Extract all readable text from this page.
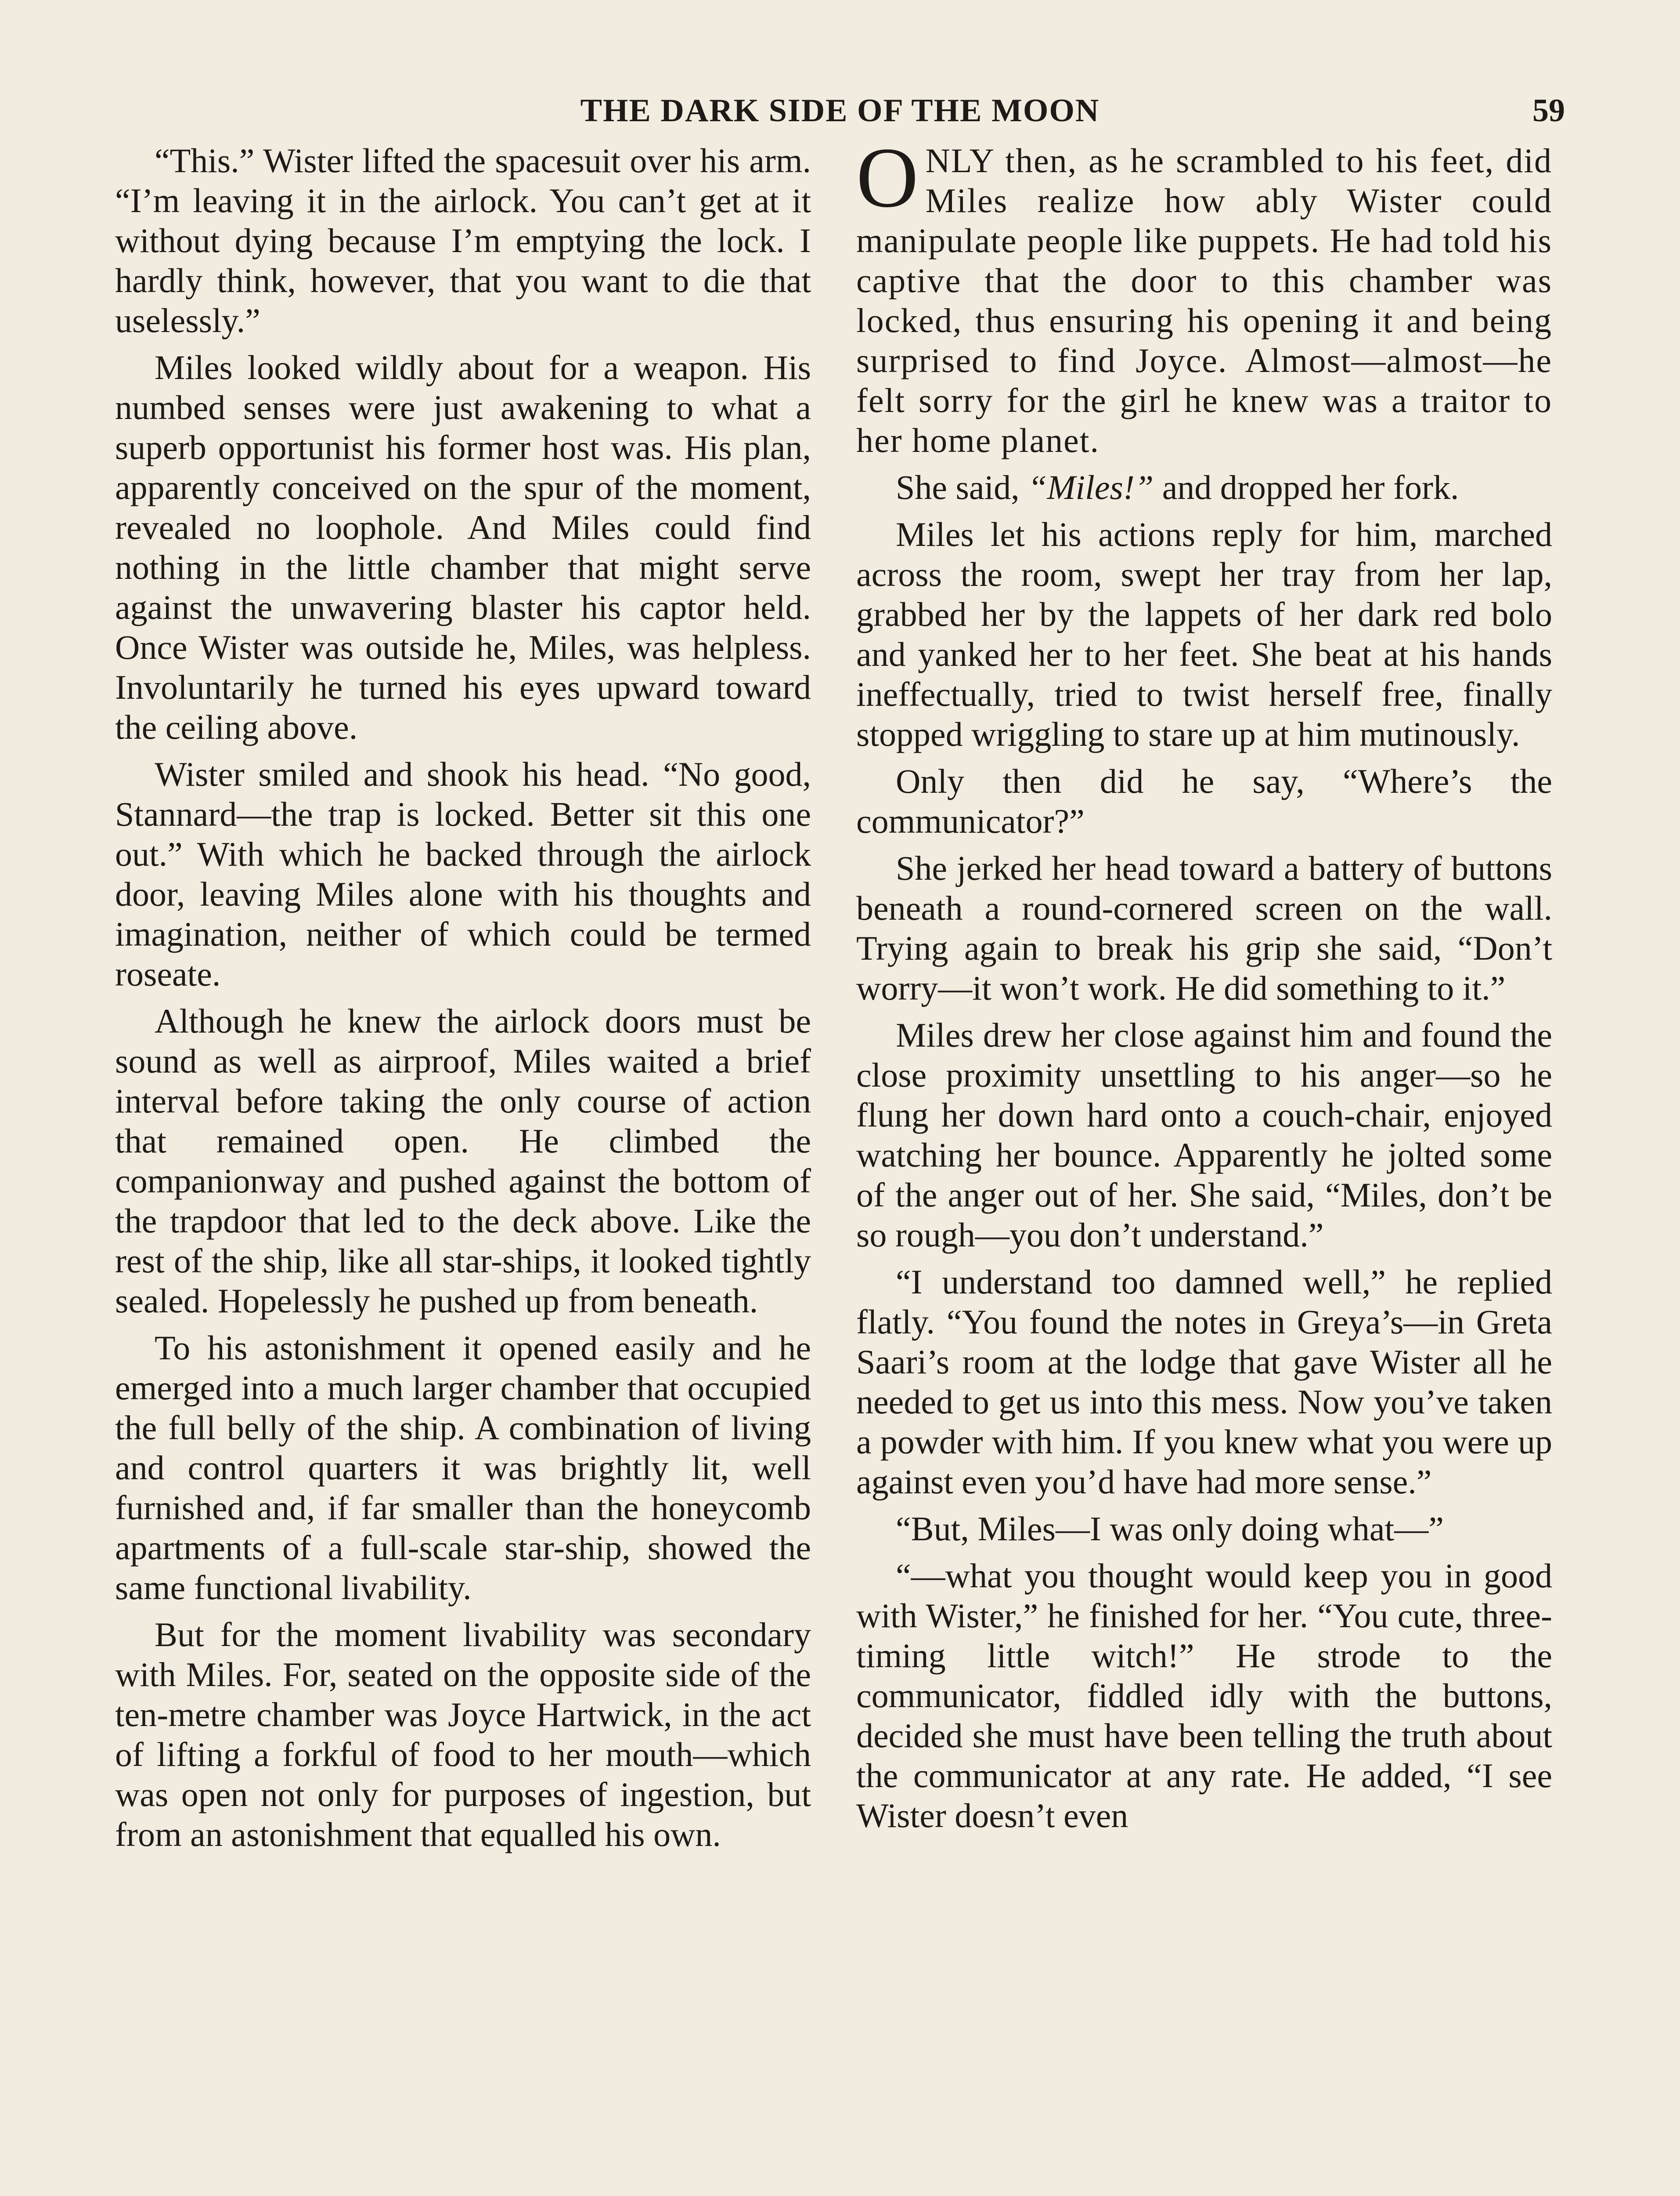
THE DARK SIDE OF THE MOON	59

“This.” Wister lifted the spacesuit over his arm. “I’m leaving it in the airlock. You can’t get at it without dying because I’m emptying the lock. I hardly think, however, that you want to die that uselessly.”

Miles looked wildly about for a weapon. His numbed senses were just awakening to what a superb opportunist his former host was. His plan, apparently conceived on the spur of the moment, revealed no loophole. And Miles could find nothing in the little chamber that might serve against the unwavering blaster his captor held. Once Wister was outside he, Miles, was helpless. Involuntarily he turned his eyes upward toward the ceiling above.

Wister smiled and shook his head. “No good, Stannard—the trap is locked. Better sit this one out.” With which he backed through the airlock door, leaving Miles alone with his thoughts and imagination, neither of which could be termed roseate.

Although he knew the airlock doors must be sound as well as airproof, Miles waited a brief interval before taking the only course of action that remained open. He climbed the companionway and pushed against the bottom of the trapdoor that led to the deck above. Like the rest of the ship, like all star-ships, it looked tightly sealed. Hopelessly he pushed up from beneath.

To his astonishment it opened easily and he emerged into a much larger chamber that occupied the full belly of the ship. A combination of living and control quarters it was brightly lit, well furnished and, if far smaller than the honeycomb apartments of a full-scale star-ship, showed the same functional livability.

But for the moment livability was secondary with Miles. For, seated on the opposite side of the ten-metre chamber was Joyce Hartwick, in the act of lifting a forkful of food to her mouth—which was open not only for purposes of ingestion, but from an astonishment that equalled his own.

ONLY then, as he scrambled to his feet, did Miles realize how ably Wister could manipulate people like puppets. He had told his captive that the door to this chamber was locked, thus ensuring his opening it and being surprised to find Joyce. Almost—almost—he felt sorry for the girl he knew was a traitor to her home planet.

She said, “Miles!” and dropped her fork.

Miles let his actions reply for him, marched across the room, swept her tray from her lap, grabbed her by the lappets of her dark red bolo and yanked her to her feet. She beat at his hands ineffectually, tried to twist herself free, finally stopped wriggling to stare up at him mutinously.

Only then did he say, “Where’s the communicator?”

She jerked her head toward a battery of buttons beneath a round-cornered screen on the wall. Trying again to break his grip she said, “Don’t worry—it won’t work. He did something to it.”

Miles drew her close against him and found the close proximity unsettling to his anger—so he flung her down hard onto a couch-chair, enjoyed watching her bounce. Apparently he jolted some of the anger out of her. She said, “Miles, don’t be so rough—you don’t understand.”

“I understand too damned well,” he replied flatly. “You found the notes in Greya’s—in Greta Saari’s room at the lodge that gave Wister all he needed to get us into this mess. Now you’ve taken a powder with him. If you knew what you were up against even you’d have had more sense.”

“But, Miles—I was only doing what—”

“—what you thought would keep you in good with Wister,” he finished for her. “You cute, three-timing little witch!” He strode to the communicator, fiddled idly with the buttons, decided she must have been telling the truth about the communicator at any rate. He added, “I see Wister doesn’t even
